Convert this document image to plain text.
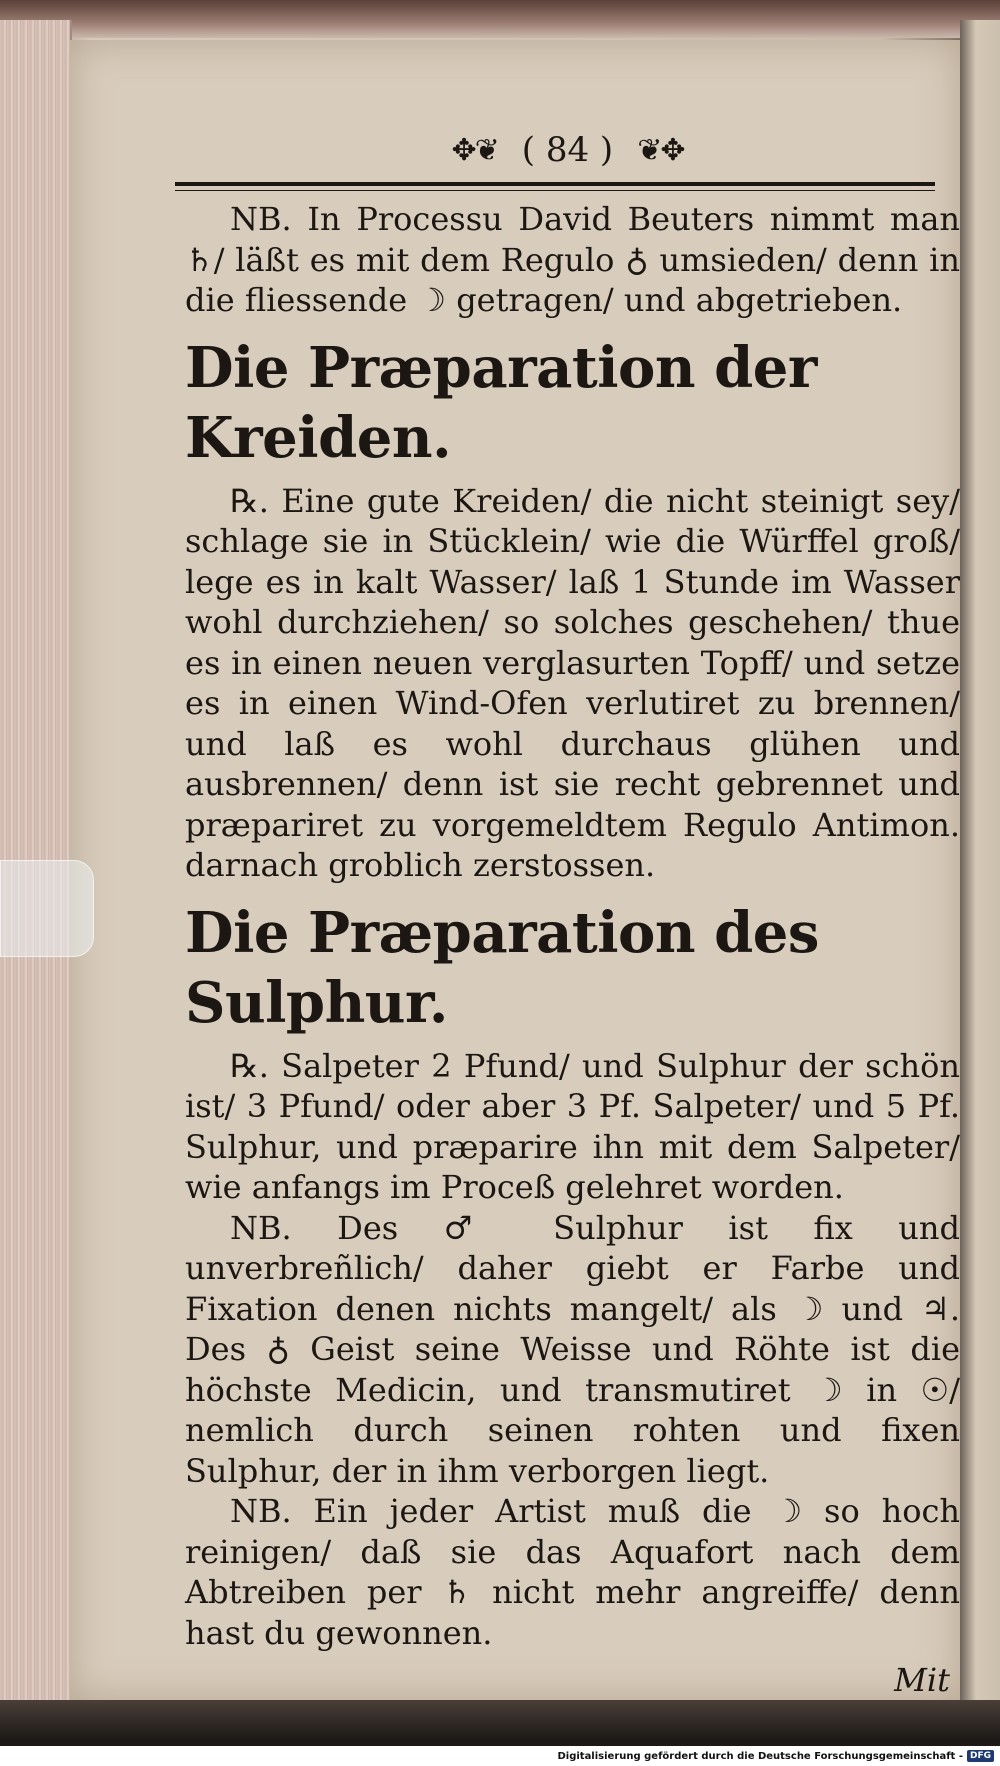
✥❦ ( 84 ) ❦✥

NB. In Processu David Beuters nimmt man ♄/ läßt es mit dem Regulo ♁ umsieden/ denn in die fliessende ☽ getragen/ und abgetrieben.

Die Præparation der Kreiden.

℞. Eine gute Kreiden/ die nicht steinigt sey/ schlage sie in Stücklein/ wie die Würffel groß/ lege es in kalt Wasser/ laß 1 Stunde im Wasser wohl durchziehen/ so solches geschehen/ thue es in einen neuen verglasurten Topff/ und setze es in einen Wind-Ofen verlutiret zu brennen/ und laß es wohl durchaus glühen und ausbrennen/ denn ist sie recht gebrennet und præpariret zu vorgemeldtem Regulo Antimon. darnach groblich zerstossen.

Die Præparation des Sulphur.

℞. Salpeter 2 Pfund/ und Sulphur der schön ist/ 3 Pfund/ oder aber 3 Pf. Salpeter/ und 5 Pf. Sulphur, und præparire ihn mit dem Salpeter/ wie anfangs im Proceß gelehret worden.

NB. Des ♂ Sulphur ist fix und unverbreñlich/ daher giebt er Farbe und Fixation denen nichts mangelt/ als ☽ und ♃. Des ♁ Geist seine Weisse und Röhte ist die höchste Medicin, und transmutiret ☽ in ☉/ nemlich durch seinen rohten und fixen Sulphur, der in ihm verborgen liegt.

NB. Ein jeder Artist muß die ☽ so hoch reinigen/ daß sie das Aquafort nach dem Abtreiben per ♄ nicht mehr angreiffe/ denn hast du gewonnen.

Mit
Digitalisierung gefördert durch die Deutsche Forschungsgemeinschaft - DFG
